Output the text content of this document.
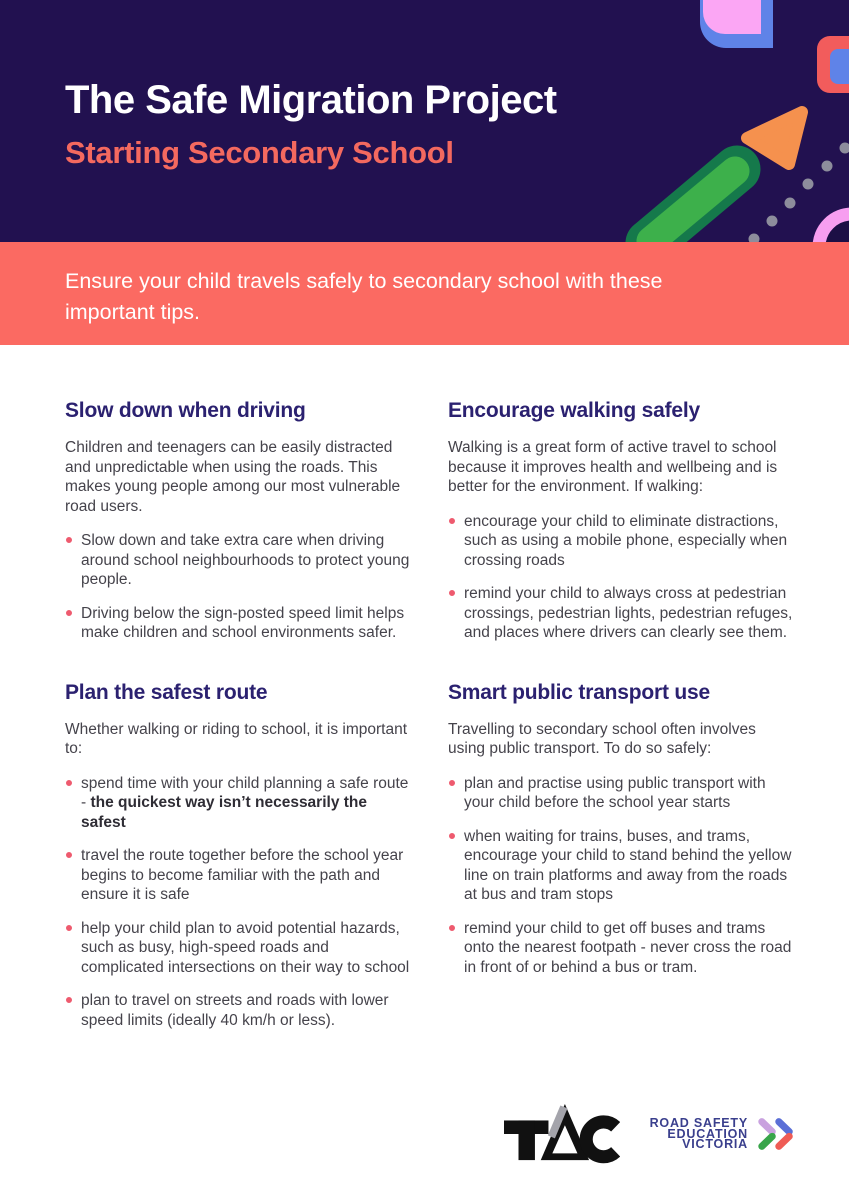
The Safe Migration Project
Starting Secondary School

Ensure your child travels safely to secondary school with these important tips.

Slow down when driving

Children and teenagers can be easily distracted and unpredictable when using the roads. This makes young people among our most vulnerable road users.

Slow down and take extra care when driving around school neighbourhoods to protect young people.
Driving below the sign-posted speed limit helps make children and school environments safer.
Encourage walking safely

Walking is a great form of active travel to school because it improves health and wellbeing and is better for the environment. If walking:

encourage your child to eliminate distractions, such as using a mobile phone, especially when crossing roads
remind your child to always cross at pedestrian crossings, pedestrian lights, pedestrian refuges, and places where drivers can clearly see them.
Plan the safest route

Whether walking or riding to school, it is important to:

spend time with your child planning a safe route - the quickest way isn’t necessarily the safest
travel the route together before the school year begins to become familiar with the path and ensure it is safe
help your child plan to avoid potential hazards, such as busy, high-speed roads and complicated intersections on their way to school
plan to travel on streets and roads with lower speed limits (ideally 40 km/h or less).
Smart public transport use

Travelling to secondary school often involves using public transport. To do so safely:

plan and practise using public transport with your child before the school year starts
when waiting for trains, buses, and trams, encourage your child to stand behind the yellow line on train platforms and away from the roads at bus and tram stops
remind your child to get off buses and trams onto the nearest footpath - never cross the road in front of or behind a bus or tram.
ROAD SAFETY
EDUCATION
VICTORIA
